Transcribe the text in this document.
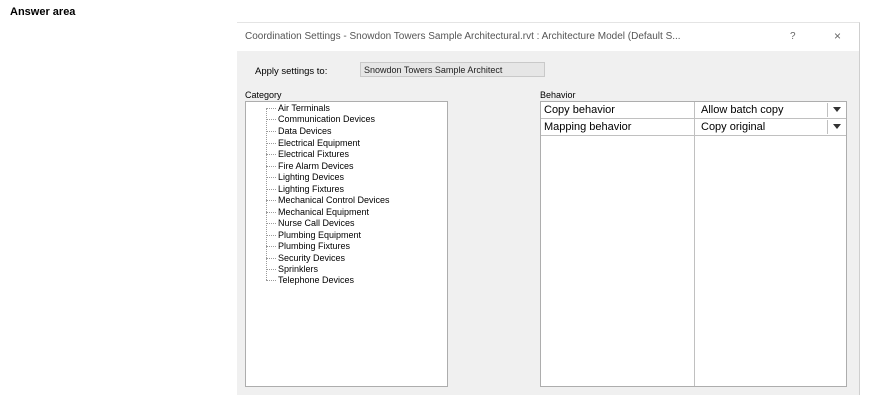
Answer area
Coordination Settings - Snowdon Towers Sample Architectural.rvt : Architecture Model (Default S...	?	×
Apply settings to:	Snowdon Towers Sample Architect
Category
Air Terminals
Communication Devices
Data Devices
Electrical Equipment
Electrical Fixtures
Fire Alarm Devices
Lighting Devices
Lighting Fixtures
Mechanical Control Devices
Mechanical Equipment
Nurse Call Devices
Plumbing Equipment
Plumbing Fixtures
Security Devices
Sprinklers
Telephone Devices
Behavior
Copy behavior	Allow batch copy
Mapping behavior	Copy original
